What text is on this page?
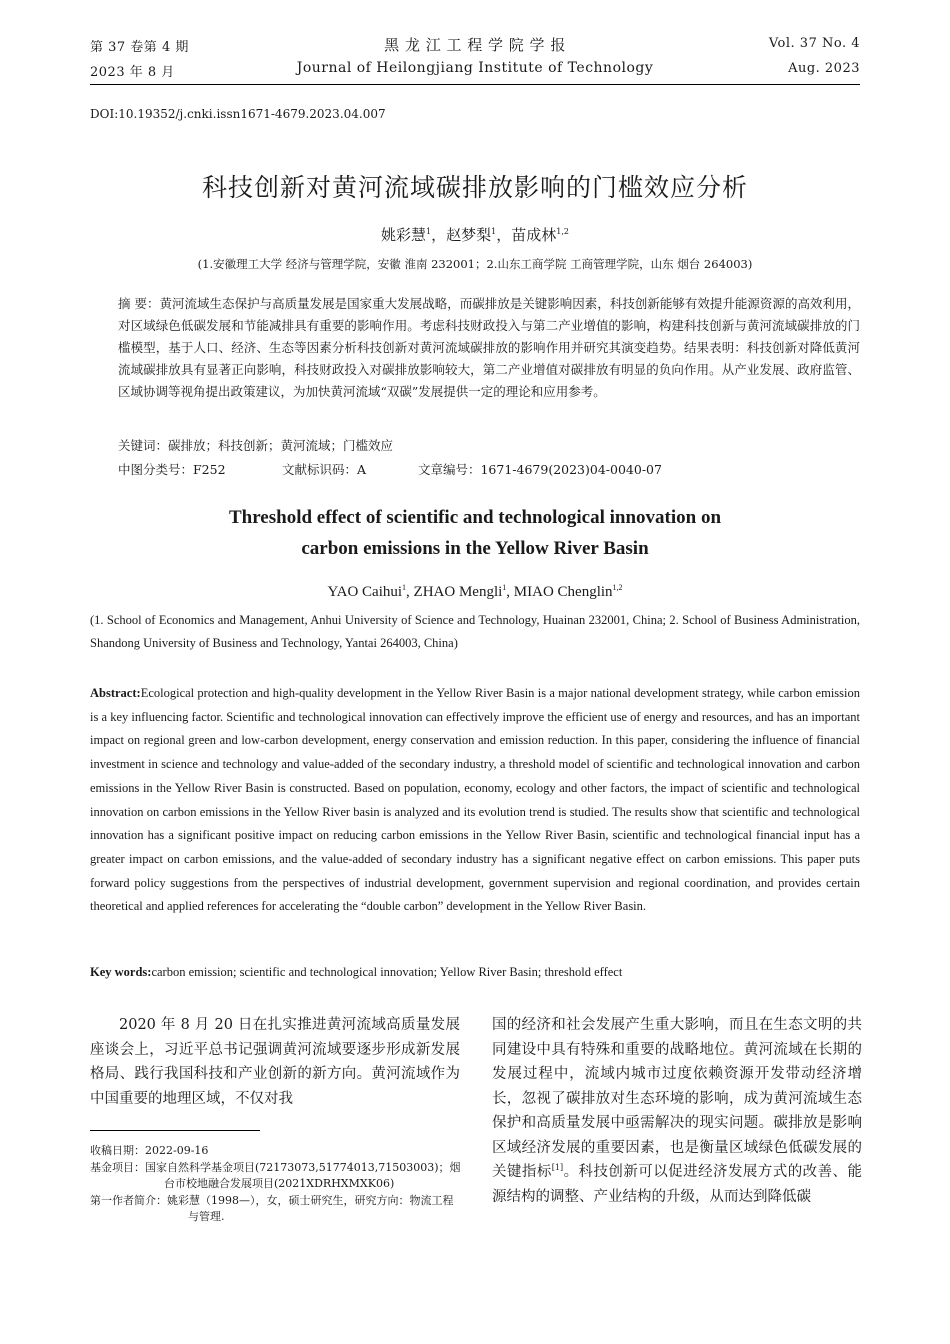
第 37 卷第 4 期
2023 年 8 月
黑 龙 江 工 程 学 院 学 报
Journal of Heilongjiang Institute of Technology
Vol. 37 No. 4
Aug. 2023
DOI:10.19352/j.cnki.issn1671-4679.2023.04.007
科技创新对黄河流域碳排放影响的门槛效应分析
姚彩慧$^1$，赵梦梨$^1$，苗成林$^{1,2}$
(1.安徽理工大学 经济与管理学院，安徽 淮南 232001；2.山东工商学院 工商管理学院，山东 烟台 264003)
摘 要：黄河流域生态保护与高质量发展是国家重大发展战略，而碳排放是关键影响因素，科技创新能够有效提升能源资源的高效利用，对区域绿色低碳发展和节能减排具有重要的影响作用。考虑科技财政投入与第二产业增值的影响，构建科技创新与黄河流域碳排放的门槛模型，基于人口、经济、生态等因素分析科技创新对黄河流域碳排放的影响作用并研究其演变趋势。结果表明：科技创新对降低黄河流域碳排放具有显著正向影响，科技财政投入对碳排放影响较大，第二产业增值对碳排放有明显的负向作用。从产业发展、政府监管、区域协调等视角提出政策建议，为加快黄河流域“双碳”发展提供一定的理论和应用参考。
关键词：碳排放；科技创新；黄河流域；门槛效应
中图分类号：F252	文献标识码：A	文章编号：1671-4679(2023)04-0040-07
Threshold effect of scientific and technological innovation on
carbon emissions in the Yellow River Basin
YAO Caihui$^1$, ZHAO Mengli$^1$, MIAO Chenglin$^{1,2}$
(1. School of Economics and Management, Anhui University of Science and Technology, Huainan 232001, China; 2. School of Business Administration, Shandong University of Business and Technology, Yantai 264003, China)
Abstract:Ecological protection and high-quality development in the Yellow River Basin is a major national development strategy, while carbon emission is a key influencing factor. Scientific and technological innovation can effectively improve the efficient use of energy and resources, and has an important impact on regional green and low-carbon development, energy conservation and emission reduction. In this paper, considering the influence of financial investment in science and technology and value-added of the secondary industry, a threshold model of scientific and technological innovation and carbon emissions in the Yellow River Basin is constructed. Based on population, economy, ecology and other factors, the impact of scientific and technological innovation on carbon emissions in the Yellow River basin is analyzed and its evolution trend is studied. The results show that scientific and technological innovation has a significant positive impact on reducing carbon emissions in the Yellow River Basin, scientific and technological financial input has a greater impact on carbon emissions, and the value-added of secondary industry has a significant negative effect on carbon emissions. This paper puts forward policy suggestions from the perspectives of industrial development, government supervision and regional coordination, and provides certain theoretical and applied references for accelerating the “double carbon” development in the Yellow River Basin.
Key words:carbon emission; scientific and technological innovation; Yellow River Basin; threshold effect
2020 年 8 月 20 日在扎实推进黄河流域高质量发展座谈会上，习近平总书记强调黄河流域要逐步形成新发展格局、践行我国科技和产业创新的新方向。黄河流域作为中国重要的地理区域，不仅对我
收稿日期：2022-09-16
基金项目：国家自然科学基金项目(72173073,51774013,71503003)；烟台市校地融合发展项目(2021XDRHXMXK06)
第一作者简介：姚彩慧（1998—），女，硕士研究生，研究方向：物流工程与管理.
国的经济和社会发展产生重大影响，而且在生态文明的共同建设中具有特殊和重要的战略地位。黄河流域在长期的发展过程中，流域内城市过度依赖资源开发带动经济增长，忽视了碳排放对生态环境的影响，成为黄河流域生态保护和高质量发展中亟需解决的现实问题。碳排放是影响区域经济发展的重要因素，也是衡量区域绿色低碳发展的关键指标[1]。科技创新可以促进经济发展方式的改善、能源结构的调整、产业结构的升级，从而达到降低碳
